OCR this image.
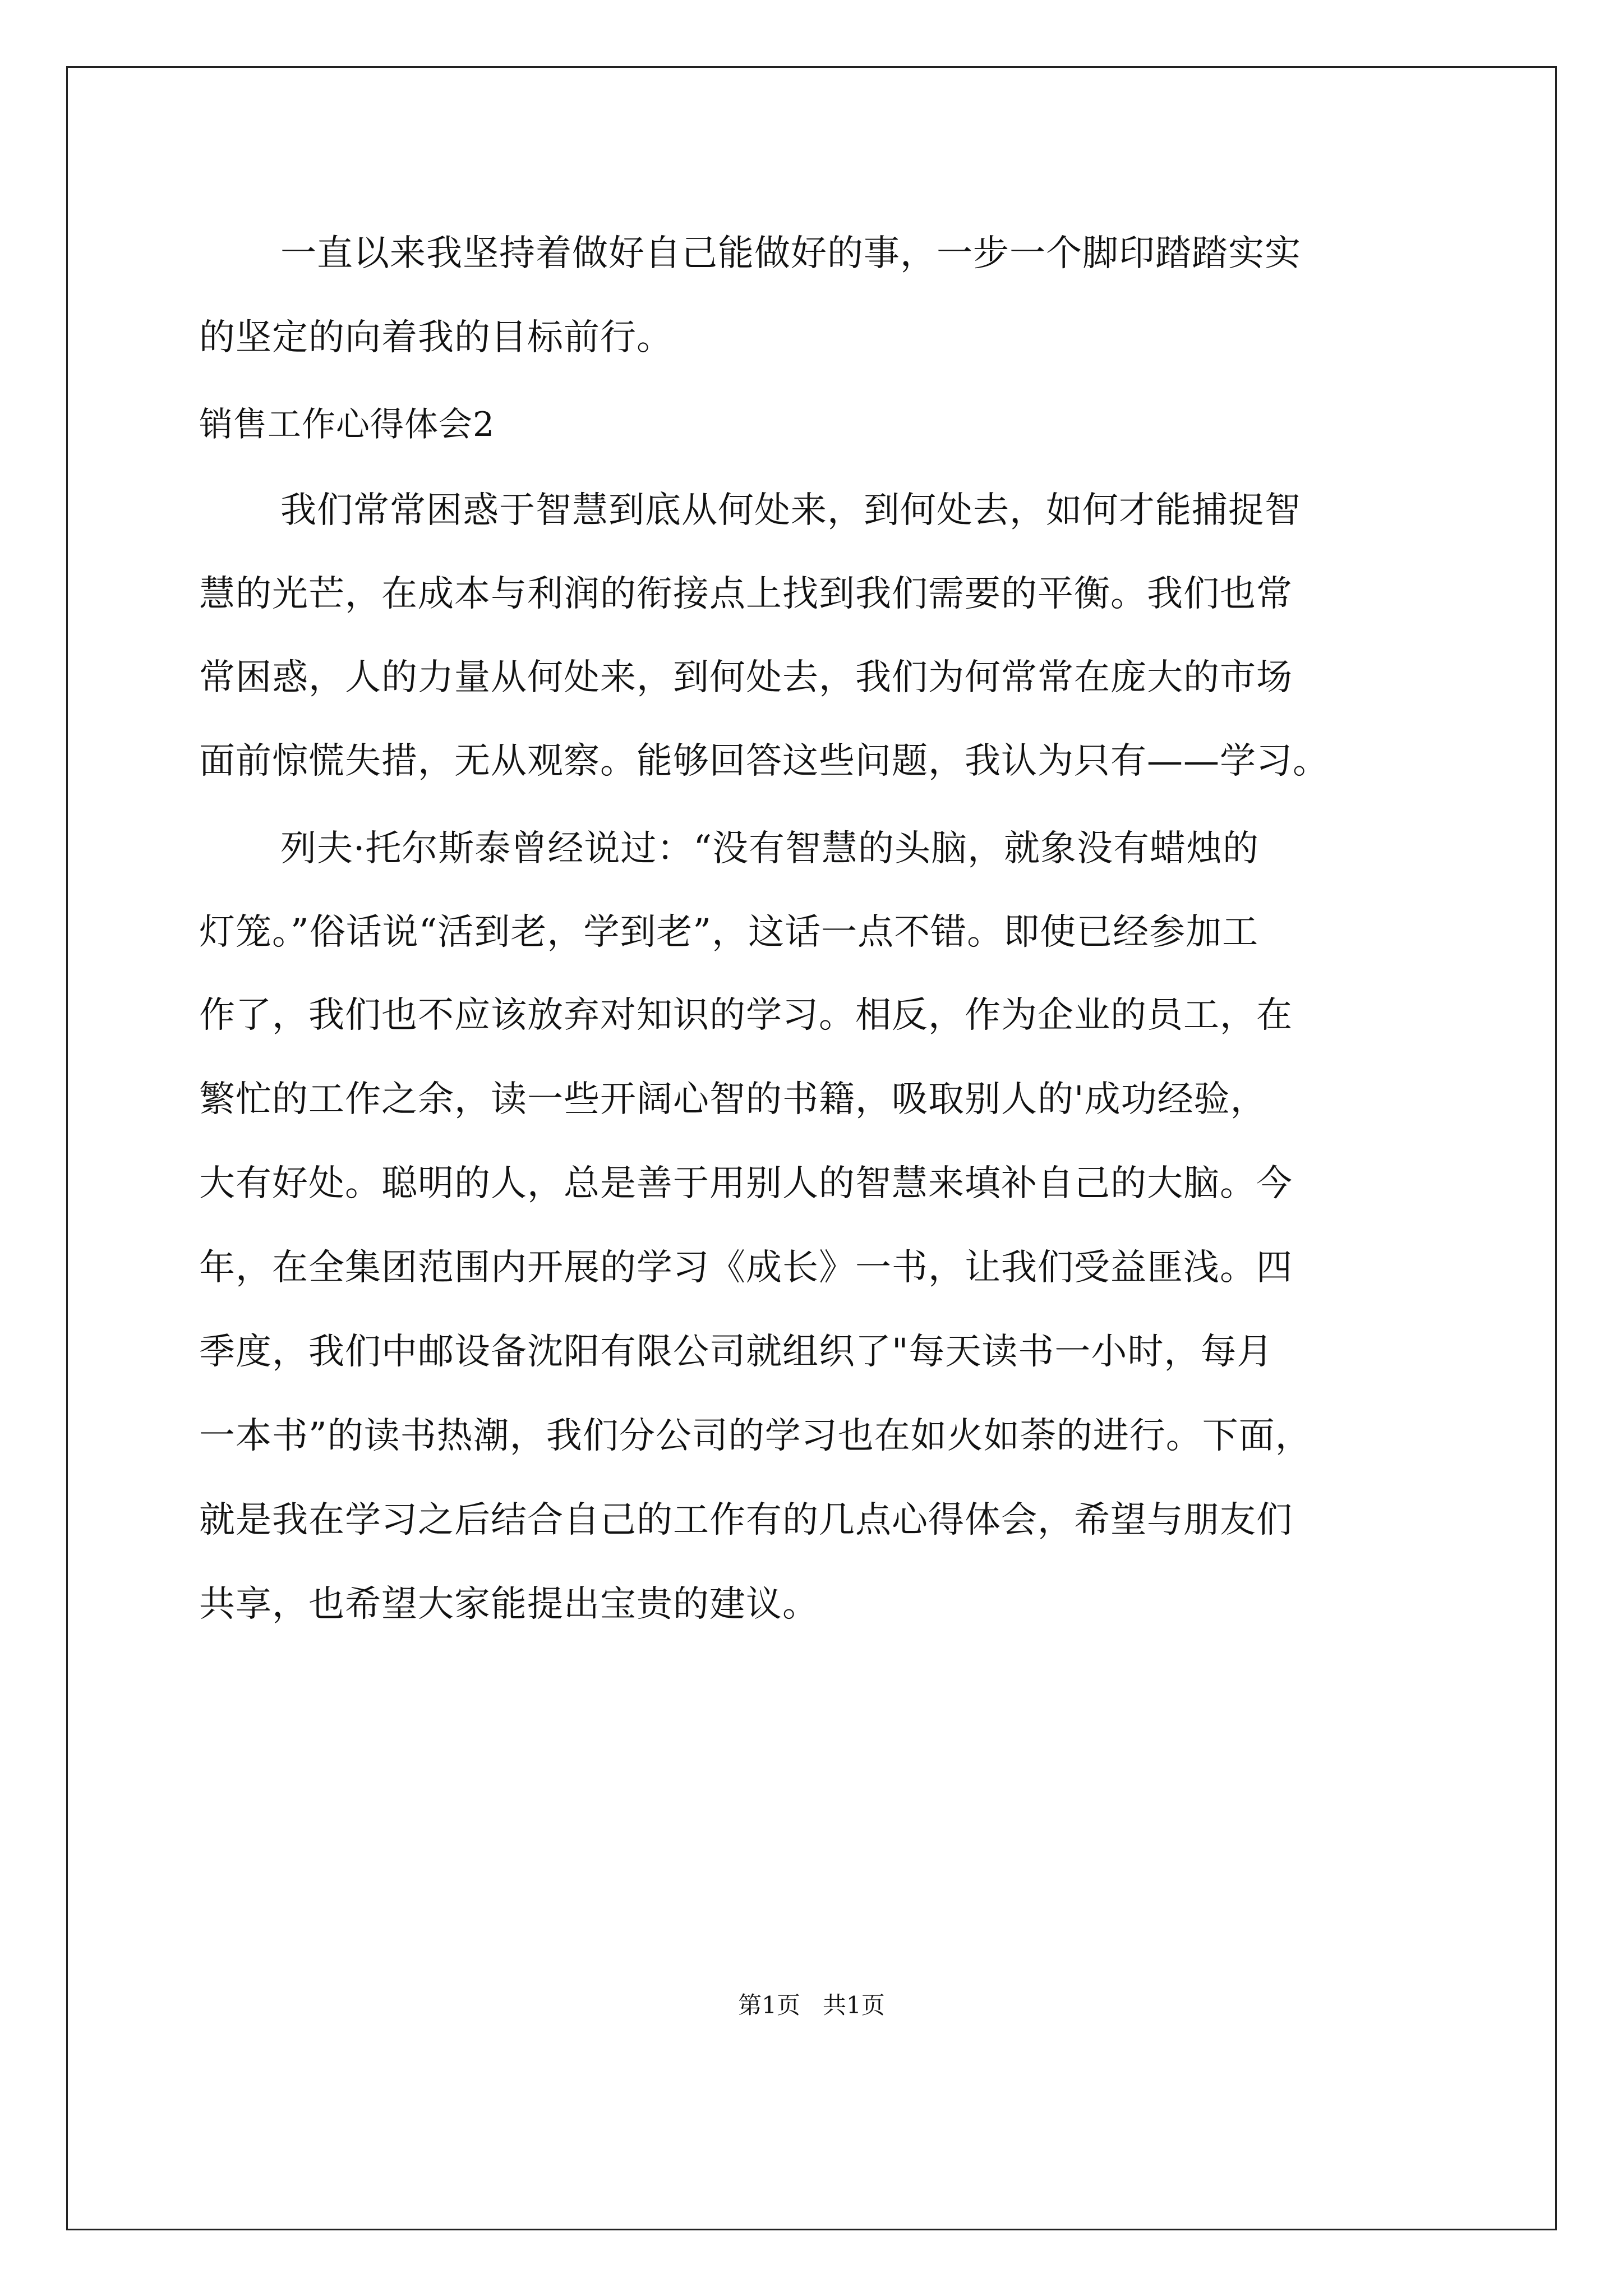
一直以来我坚持着做好自己能做好的事，一步一个脚印踏踏实实
的坚定的向着我的目标前行。
销售工作心得体会2
我们常常困惑于智慧到底从何处来，到何处去，如何才能捕捉智
慧的光芒，在成本与利润的衔接点上找到我们需要的平衡。我们也常
常困惑，人的力量从何处来，到何处去，我们为何常常在庞大的市场
面前惊慌失措，无从观察。能够回答这些问题，我认为只有——学习。
列夫·托尔斯泰曾经说过：“没有智慧的头脑，就象没有蜡烛的
灯笼。”俗话说“活到老，学到老”，这话一点不错。即使已经参加工
作了，我们也不应该放弃对知识的学习。相反，作为企业的员工，在
繁忙的工作之余，读一些开阔心智的书籍，吸取别人的'成功经验，
大有好处。聪明的人，总是善于用别人的智慧来填补自己的大脑。今
年，在全集团范围内开展的学习《成长》一书，让我们受益匪浅。四
季度，我们中邮设备沈阳有限公司就组织了"每天读书一小时，每月
一本书”的读书热潮，我们分公司的学习也在如火如荼的进行。下面，
就是我在学习之后结合自己的工作有的几点心得体会，希望与朋友们
共享，也希望大家能提出宝贵的建议。
第1页   共1页
